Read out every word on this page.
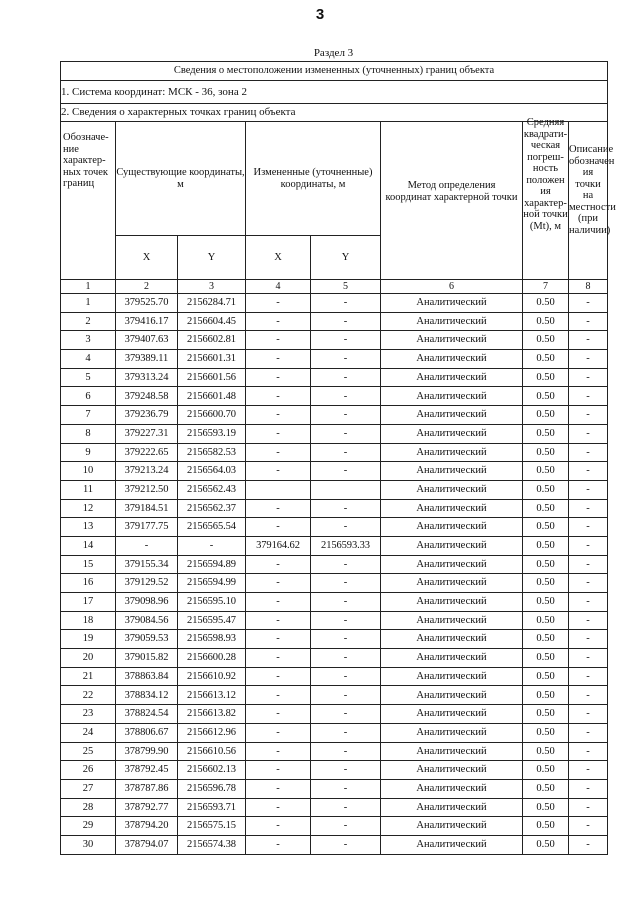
3
Раздел 3
Сведения о местоположении измененных (уточненных) границ объекта							
1. Система координат: МСК - 36, зона 2							
2. Сведения о характерных точках границ объекта							
Обозначе-ние характер-ных точек границ	Существующие координаты, м		Измененные (уточненные) координаты, м		Метод определения координат характерной точки	Средняя квадрати-ческая погреш-ность положен ия характер-ной точки (Mt), м	Описание обозначен ия точки на местности (при наличии)
	X	Y	X	Y			
1	2	3	4	5	6	7	8
1	379525.70	2156284.71	-	-	Аналитический	0.50	-
2	379416.17	2156604.45	-	-	Аналитический	0.50	-
3	379407.63	2156602.81	-	-	Аналитический	0.50	-
4	379389.11	2156601.31	-	-	Аналитический	0.50	-
5	379313.24	2156601.56	-	-	Аналитический	0.50	-
6	379248.58	2156601.48	-	-	Аналитический	0.50	-
7	379236.79	2156600.70	-	-	Аналитический	0.50	-
8	379227.31	2156593.19	-	-	Аналитический	0.50	-
9	379222.65	2156582.53	-	-	Аналитический	0.50	-
10	379213.24	2156564.03	-	-	Аналитический	0.50	-
11	379212.50	2156562.43			Аналитический	0.50	-
12	379184.51	2156562.37	-	-	Аналитический	0.50	-
13	379177.75	2156565.54	-	-	Аналитический	0.50	-
14	-	-	379164.62	2156593.33	Аналитический	0.50	-
15	379155.34	2156594.89	-	-	Аналитический	0.50	-
16	379129.52	2156594.99	-	-	Аналитический	0.50	-
17	379098.96	2156595.10	-	-	Аналитический	0.50	-
18	379084.56	2156595.47	-	-	Аналитический	0.50	-
19	379059.53	2156598.93	-	-	Аналитический	0.50	-
20	379015.82	2156600.28	-	-	Аналитический	0.50	-
21	378863.84	2156610.92	-	-	Аналитический	0.50	-
22	378834.12	2156613.12	-	-	Аналитический	0.50	-
23	378824.54	2156613.82	-	-	Аналитический	0.50	-
24	378806.67	2156612.96	-	-	Аналитический	0.50	-
25	378799.90	2156610.56	-	-	Аналитический	0.50	-
26	378792.45	2156602.13	-	-	Аналитический	0.50	-
27	378787.86	2156596.78	-	-	Аналитический	0.50	-
28	378792.77	2156593.71	-	-	Аналитический	0.50	-
29	378794.20	2156575.15	-	-	Аналитический	0.50	-
30	378794.07	2156574.38	-	-	Аналитический	0.50	-
